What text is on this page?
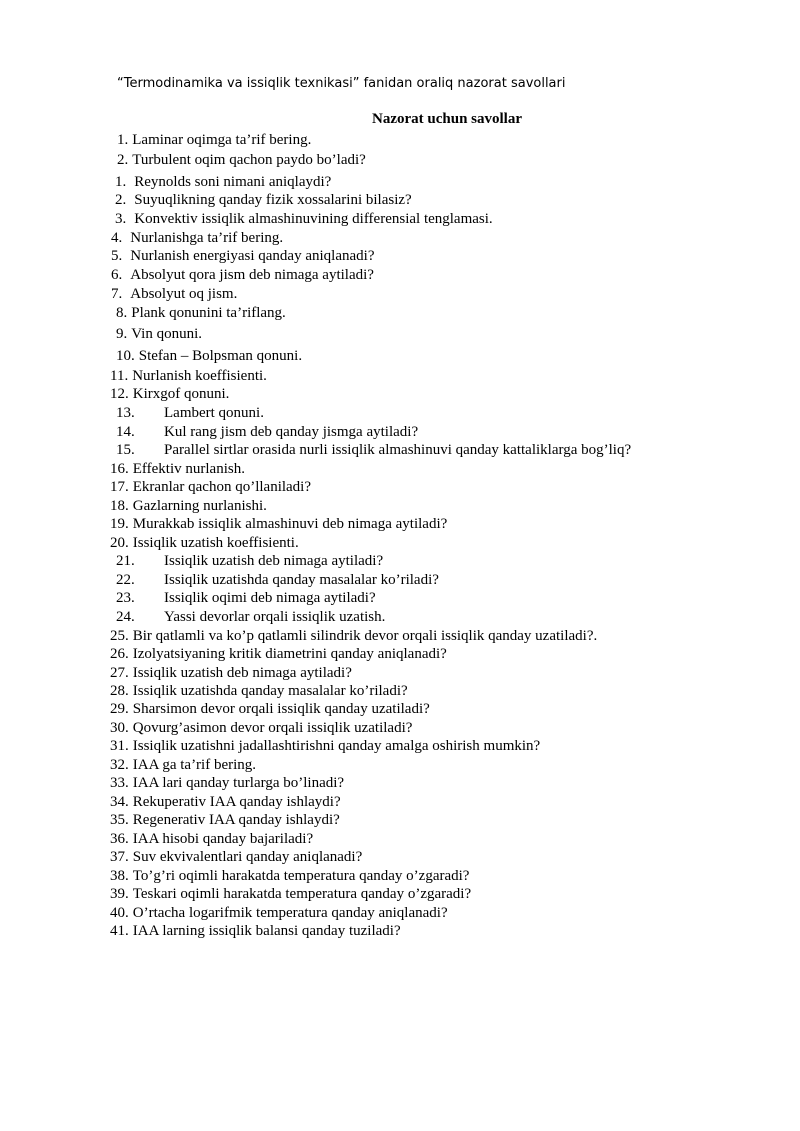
“Termodinamika va issiqlik texnikasi” fanidan oraliq nazorat savollari
Nazorat uchun savollar
1. Laminar oqimga ta’rif bering.
2. Turbulent oqim qachon paydo bo’ladi?
1. Reynolds soni nimani aniqlaydi?
2. Suyuqlikning qanday fizik xossalarini bilasiz?
3. Konvektiv issiqlik almashinuvining differensial tenglamasi.
4. Nurlanishga ta’rif bering.
5. Nurlanish energiyasi qanday aniqlanadi?
6. Absolyut qora jism deb nimaga aytiladi?
7. Absolyut oq jism.
8. Plank qonunini ta’riflang.
9. Vin qonuni.
10. Stefan – Bolpsman qonuni.
11. Nurlanish koeffisienti.
12. Kirxgof qonuni.
13. Lambert qonuni.
14. Kul rang jism deb qanday jismga aytiladi?
15. Parallel sirtlar orasida nurli issiqlik almashinuvi qanday kattaliklarga bog’liq?
16. Effektiv nurlanish.
17. Ekranlar qachon qo’llaniladi?
18. Gazlarning nurlanishi.
19. Murakkab issiqlik almashinuvi deb nimaga aytiladi?
20. Issiqlik uzatish koeffisienti.
21. Issiqlik uzatish deb nimaga aytiladi?
22. Issiqlik uzatishda qanday masalalar ko’riladi?
23. Issiqlik oqimi deb nimaga aytiladi?
24. Yassi devorlar orqali issiqlik uzatish.
25. Bir qatlamli va ko’p qatlamli silindrik devor orqali issiqlik qanday uzatiladi?.
26. Izolyatsiyaning kritik diametrini qanday aniqlanadi?
27. Issiqlik uzatish deb nimaga aytiladi?
28. Issiqlik uzatishda qanday masalalar ko’riladi?
29. Sharsimon devor orqali issiqlik qanday uzatiladi?
30. Qovurg’asimon devor orqali issiqlik uzatiladi?
31. Issiqlik uzatishni jadallashtirishni qanday amalga oshirish mumkin?
32. IAA ga ta’rif bering.
33. IAA lari qanday turlarga bo’linadi?
34. Rekuperativ IAA qanday ishlaydi?
35. Regenerativ IAA qanday ishlaydi?
36. IAA hisobi qanday bajariladi?
37. Suv ekvivalentlari qanday aniqlanadi?
38. To’g’ri oqimli harakatda temperatura qanday o’zgaradi?
39. Teskari oqimli harakatda temperatura qanday o’zgaradi?
40. O’rtacha logarifmik temperatura qanday aniqlanadi?
41. IAA larning issiqlik balansi qanday tuziladi?
